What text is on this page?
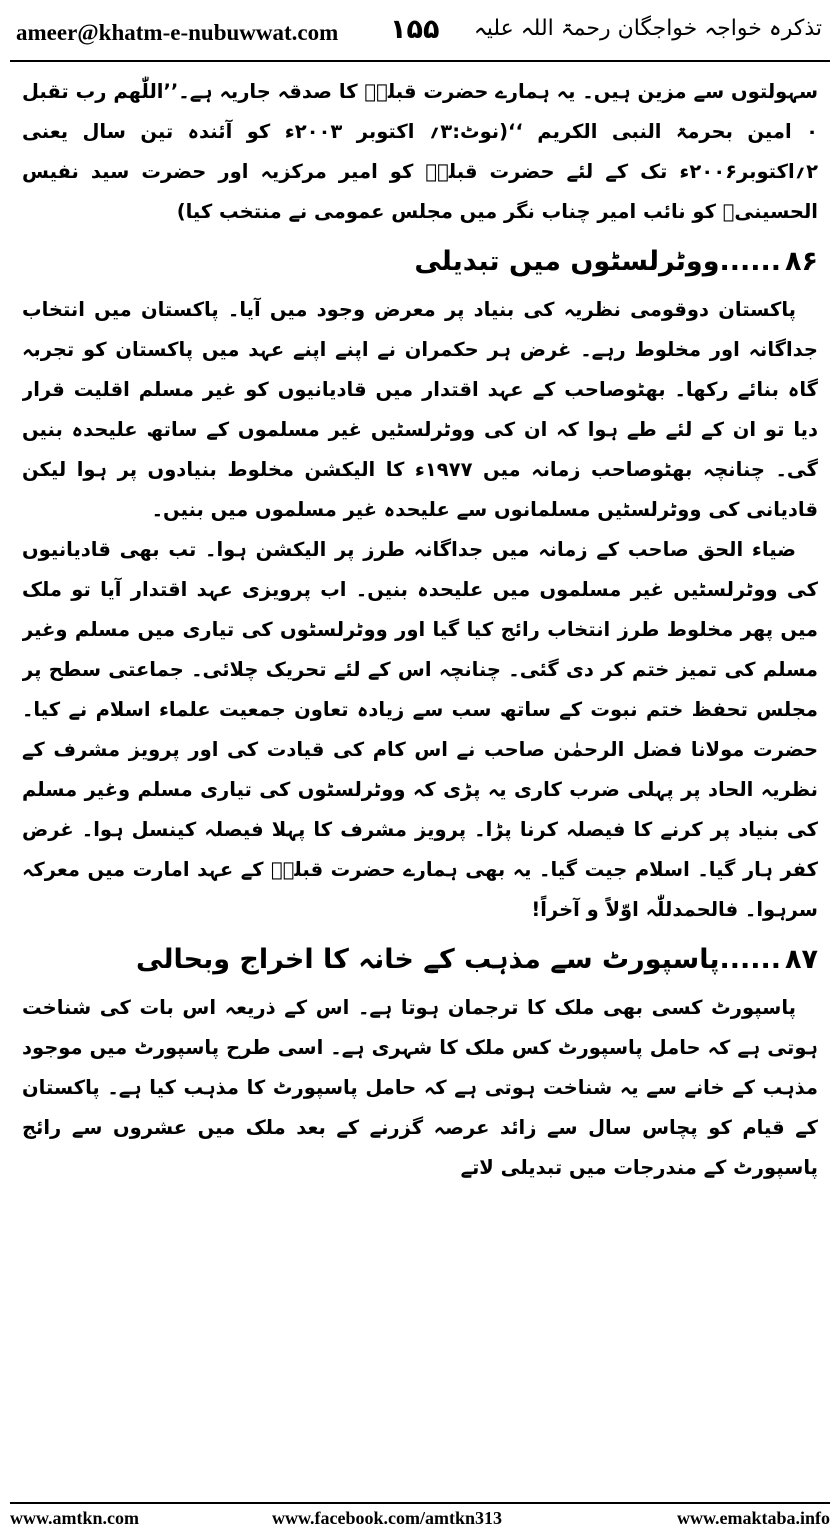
ameer@khatm-e-nubuwwat.com ۱۵۵ تذکرہ خواجہ خواجگان رحمۃ اللہ علیہ

سہولتوں سے مزین ہیں۔ یہ ہمارے حضرت قبلہؒ کا صدقہ جاریہ ہے۔’’اللّٰھم رب تقبل ۰ امین بحرمۃ النبی الکریم ‘‘(نوٹ:۳؍ اکتوبر ۲۰۰۳ء کو آئندہ تین سال یعنی ۲؍اکتوبر۲۰۰۶ء تک کے لئے حضرت قبلہؒ کو امیر مرکزیہ اور حضرت سید نفیس الحسینیؒ کو نائب امیر چناب نگر میں مجلس عمومی نے منتخب کیا)

۸۶......ووٹرلسٹوں میں تبدیلی

پاکستان دوقومی نظریہ کی بنیاد پر معرض وجود میں آیا۔ پاکستان میں انتخاب جداگانہ اور مخلوط رہے۔ غرض ہر حکمران نے اپنے اپنے عہد میں پاکستان کو تجربہ گاہ بنائے رکھا۔ بھٹوصاحب کے عہد اقتدار میں قادیانیوں کو غیر مسلم اقلیت قرار دیا تو ان کے لئے طے ہوا کہ ان کی ووٹرلسٹیں غیر مسلموں کے ساتھ علیحدہ بنیں گی۔ چنانچہ بھٹوصاحب زمانہ میں ۱۹۷۷ء کا الیکشن مخلوط بنیادوں پر ہوا لیکن قادیانی کی ووٹرلسٹیں مسلمانوں سے علیحدہ غیر مسلموں میں بنیں۔

ضیاء الحق صاحب کے زمانہ میں جداگانہ طرز پر الیکشن ہوا۔ تب بھی قادیانیوں کی ووٹرلسٹیں غیر مسلموں میں علیحدہ بنیں۔ اب پرویزی عہد اقتدار آیا تو ملک میں پھر مخلوط طرز انتخاب رائج کیا گیا اور ووٹرلسٹوں کی تیاری میں مسلم وغیر مسلم کی تمیز ختم کر دی گئی۔ چنانچہ اس کے لئے تحریک چلائی۔ جماعتی سطح پر مجلس تحفظ ختم نبوت کے ساتھ سب سے زیادہ تعاون جمعیت علماء اسلام نے کیا۔ حضرت مولانا فضل الرحمٰن صاحب نے اس کام کی قیادت کی اور پرویز مشرف کے نظریہ الحاد پر پہلی ضرب کاری یہ پڑی کہ ووٹرلسٹوں کی تیاری مسلم وغیر مسلم کی بنیاد پر کرنے کا فیصلہ کرنا پڑا۔ پرویز مشرف کا پہلا فیصلہ کینسل ہوا۔ غرض کفر ہار گیا۔ اسلام جیت گیا۔ یہ بھی ہمارے حضرت قبلہؒ کے عہد امارت میں معرکہ سرہوا۔ فالحمدللّٰہ اوّلاً و آخراً!

۸۷......پاسپورٹ سے مذہب کے خانہ کا اخراج وبحالی

پاسپورٹ کسی بھی ملک کا ترجمان ہوتا ہے۔ اس کے ذریعہ اس بات کی شناخت ہوتی ہے کہ حامل پاسپورٹ کس ملک کا شہری ہے۔ اسی طرح پاسپورٹ میں موجود مذہب کے خانے سے یہ شناخت ہوتی ہے کہ حامل پاسپورٹ کا مذہب کیا ہے۔ پاکستان کے قیام کو پچاس سال سے زائد عرصہ گزرنے کے بعد ملک میں عشروں سے رائج پاسپورٹ کے مندرجات میں تبدیلی لاتے

www.amtkn.com	www.facebook.com/amtkn313	www.emaktaba.info
